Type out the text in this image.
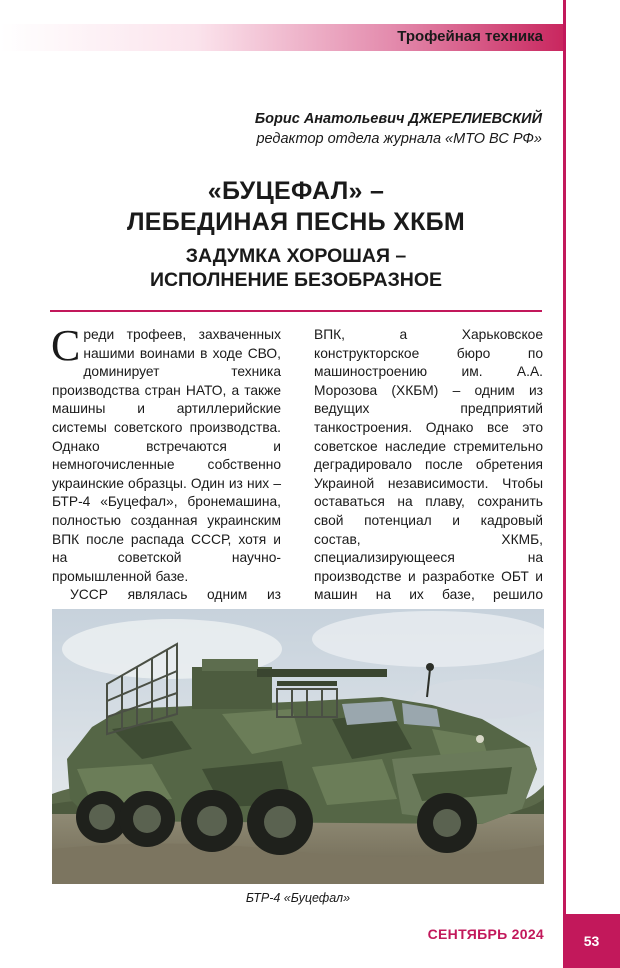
Трофейная техника
Борис Анатольевич ДЖЕРЕЛИЕВСКИЙ
редактор отдела журнала «МТО ВС РФ»
«БУЦЕФАЛ» –
ЛЕБЕДИНАЯ ПЕСНЬ ХКБМ
ЗАДУМКА ХОРОШАЯ –
ИСПОЛНЕНИЕ БЕЗОБРАЗНОЕ

Среди трофеев, захваченных нашими воинами в ходе СВО, доминирует техника производства стран НАТО, а также машины и артиллерийские системы советского производства. Однако встречаются и немногочисленные собственно украинские образцы. Один из них – БТР-4 «Буцефал», бронемашина, полностью созданная украинским ВПК после распада СССР, хотя и на советской научно-промышленной базе.

УССР являлась одним из

ВПК, а Харьковское конструкторское бюро по машиностроению им. А.А. Морозова (ХКБМ) – одним из ведущих предприятий танкостроения. Однако все это советское наследие стремительно деградировало после обретения Украиной независимости. Чтобы оставаться на плаву, сохранить свой потенциал и кадровый состав, ХКМБ, специализирующееся на производстве и разработке ОБТ и машин на их базе, решило

БТР-4 «Буцефал»
СЕНТЯБРЬ 2024	53
